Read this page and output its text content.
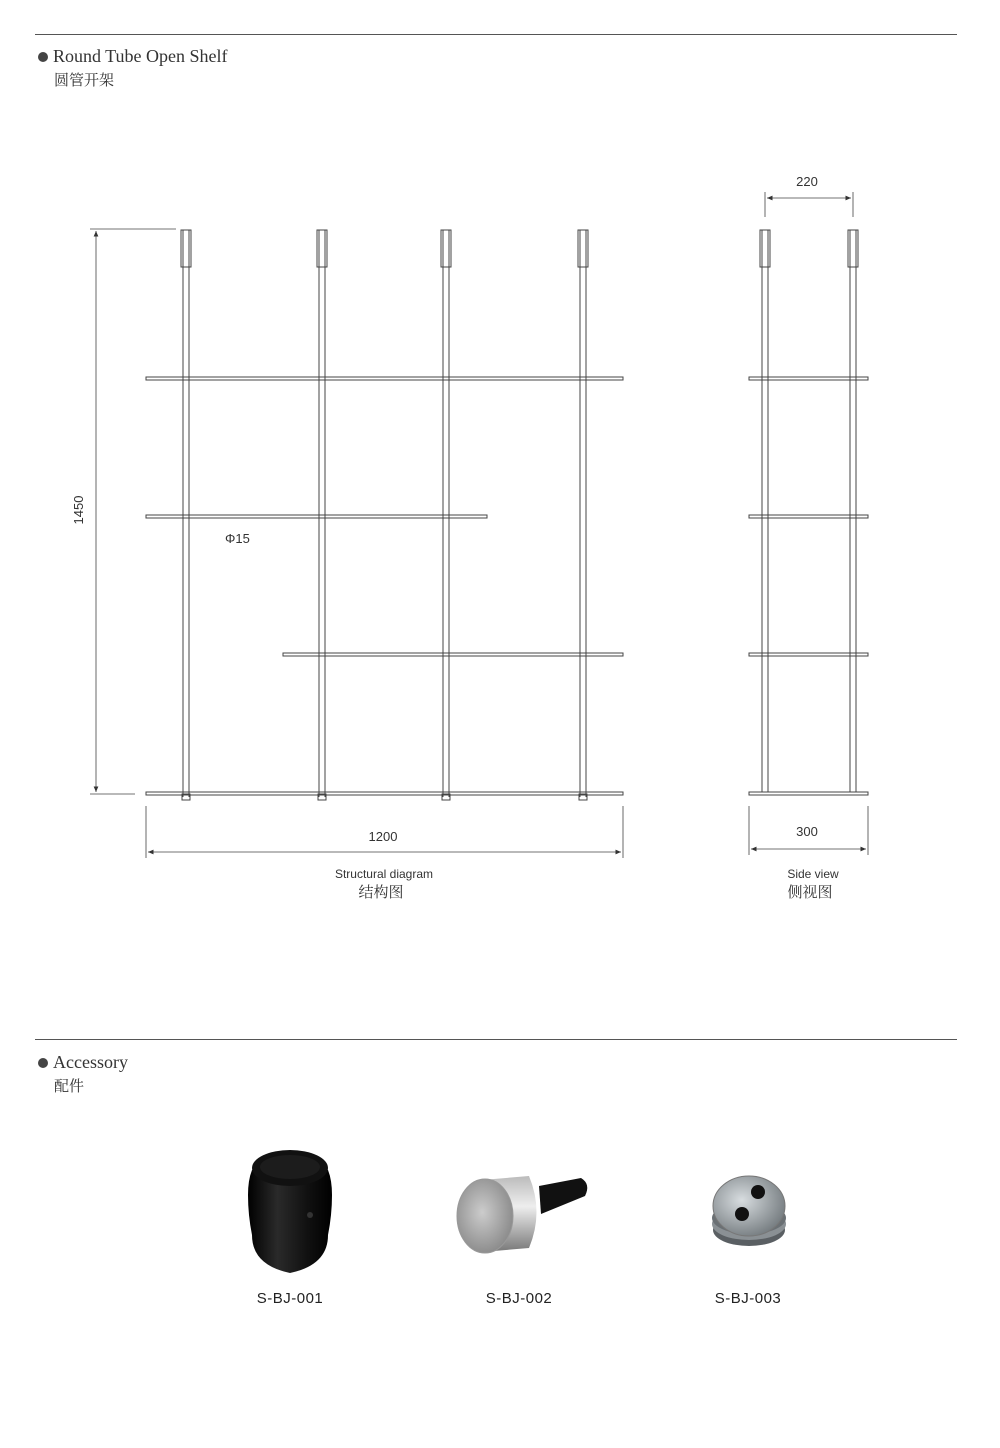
Round Tube Open Shelf
圆管开架
1450
Φ15
1200
Structural diagram
结构图
220
300
Side view
侧视图
Accessory
配件
S-BJ-001	S-BJ-002	S-BJ-003
